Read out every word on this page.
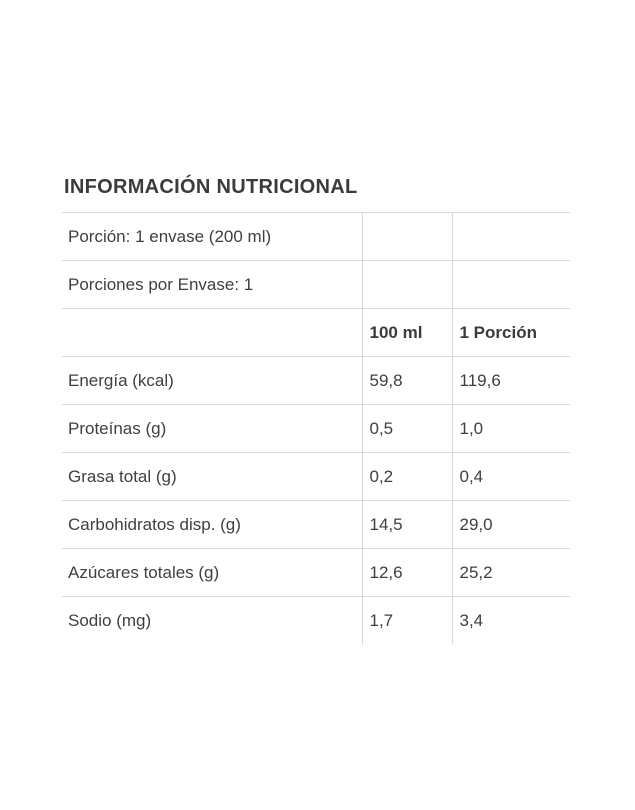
INFORMACIÓN NUTRICIONAL
Porción: 1 envase (200 ml)		
Porciones por Envase: 1		
	100 ml	1 Porción
Energía (kcal)	59,8	119,6
Proteínas (g)	0,5	1,0
Grasa total (g)	0,2	0,4
Carbohidratos disp. (g)	14,5	29,0
Azúcares totales (g)	12,6	25,2
Sodio (mg)	1,7	3,4
